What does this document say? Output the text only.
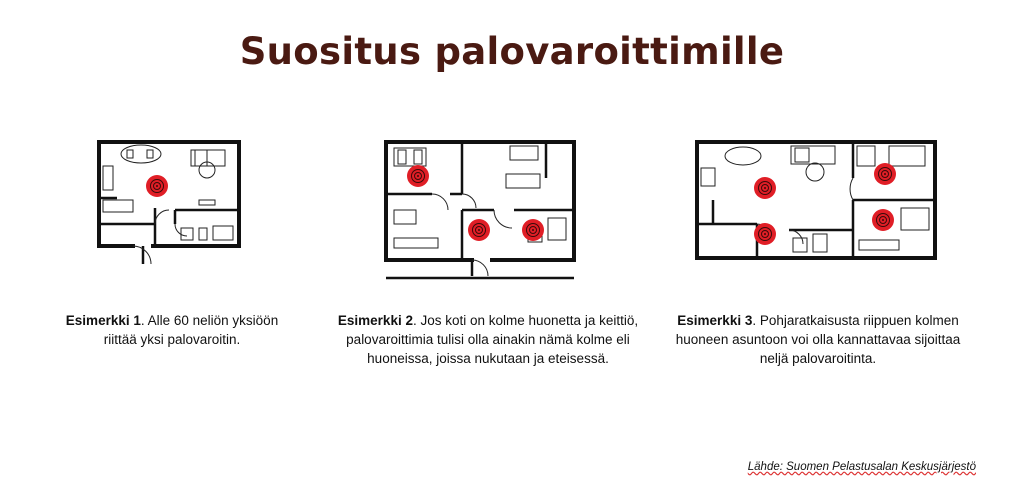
Suositus palovaroittimille
Esimerkki 1. Alle 60 neliön yksiöön riittää yksi palovaroitin.
Esimerkki 2. Jos koti on kolme huonetta ja keittiö, palovaroittimia tulisi olla ainakin nämä kolme eli huoneissa, joissa nukutaan ja eteisessä.
Esimerkki 3. Pohjaratkaisusta riippuen kolmen huoneen asuntoon voi olla kannattavaa sijoittaa neljä palovaroitinta.
Lähde: Suomen Pelastusalan Keskusjärjestö
